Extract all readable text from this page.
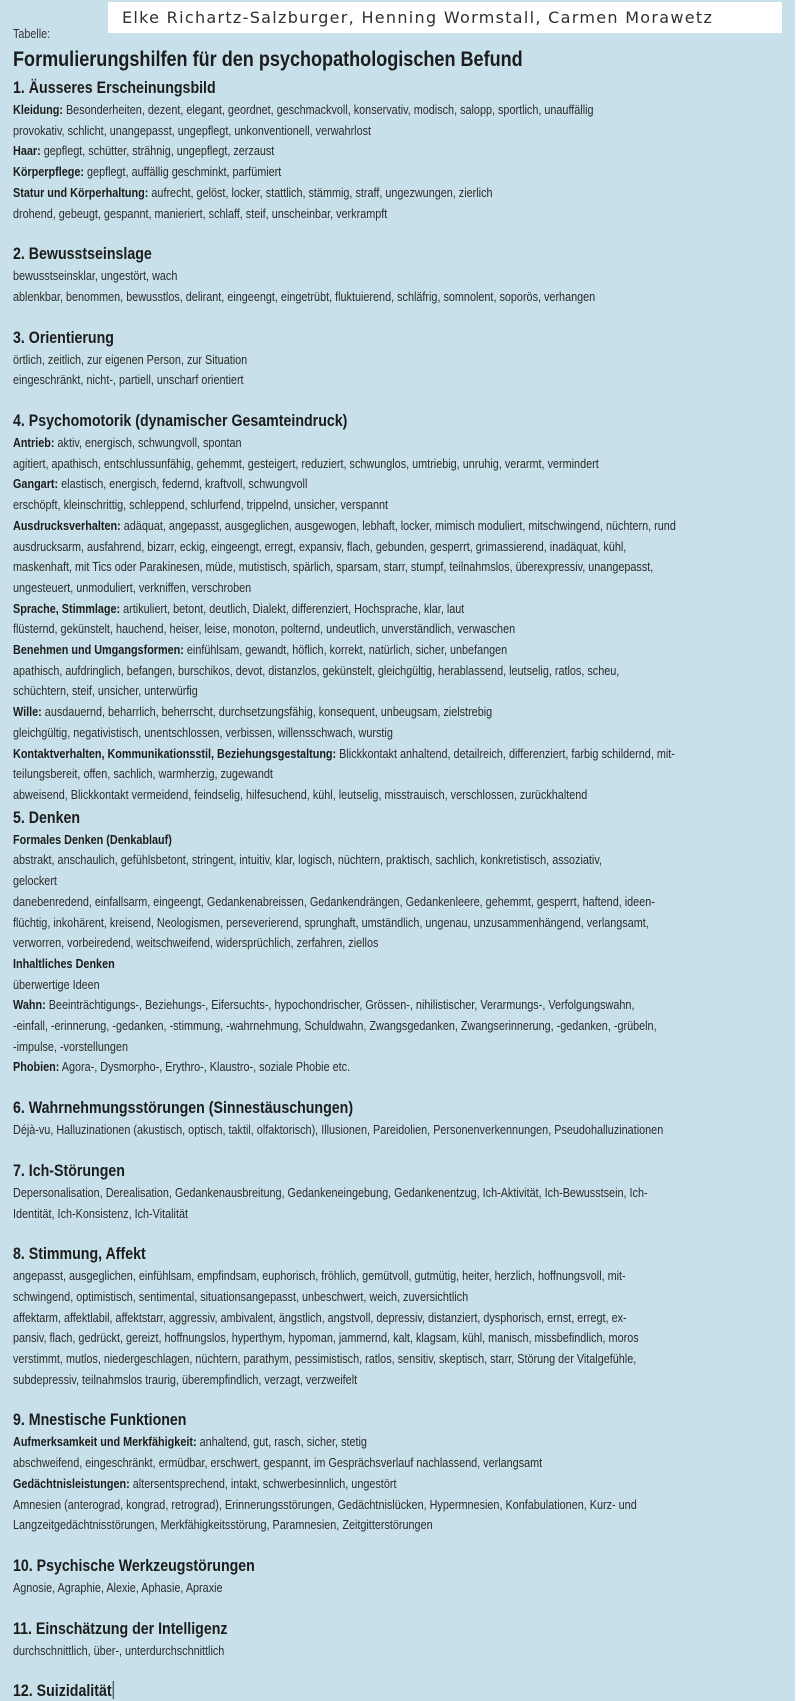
Elke Richartz-Salzburger, Henning Wormstall, Carmen Morawetz
Tabelle:
Formulierungshilfen für den psychopathologischen Befund
1. Äusseres Erscheinungsbild
Kleidung: Besonderheiten, dezent, elegant, geordnet, geschmackvoll, konservativ, modisch, salopp, sportlich, unauffällig
provokativ, schlicht, unangepasst, ungepflegt, unkonventionell, verwahrlost
Haar: gepflegt, schütter, strähnig, ungepflegt, zerzaust
Körperpflege: gepflegt, auffällig geschminkt, parfümiert
Statur und Körperhaltung: aufrecht, gelöst, locker, stattlich, stämmig, straff, ungezwungen, zierlich
drohend, gebeugt, gespannt, manieriert, schlaff, steif, unscheinbar, verkrampft
2. Bewusstseinslage
bewusstseinsklar, ungestört, wach
ablenkbar, benommen, bewusstlos, delirant, eingeengt, eingetrübt, fluktuierend, schläfrig, somnolent, soporös, verhangen
3. Orientierung
örtlich, zeitlich, zur eigenen Person, zur Situation
eingeschränkt, nicht-, partiell, unscharf orientiert
4. Psychomotorik (dynamischer Gesamteindruck)
Antrieb: aktiv, energisch, schwungvoll, spontan
agitiert, apathisch, entschlussunfähig, gehemmt, gesteigert, reduziert, schwunglos, umtriebig, unruhig, verarmt, vermindert
Gangart: elastisch, energisch, federnd, kraftvoll, schwungvoll
erschöpft, kleinschrittig, schleppend, schlurfend, trippelnd, unsicher, verspannt
Ausdrucksverhalten: adäquat, angepasst, ausgeglichen, ausgewogen, lebhaft, locker, mimisch moduliert, mitschwingend, nüchtern, rund
ausdrucksarm, ausfahrend, bizarr, eckig, eingeengt, erregt, expansiv, flach, gebunden, gesperrt, grimassierend, inadäquat, kühl,
maskenhaft, mit Tics oder Parakinesen, müde, mutistisch, spärlich, sparsam, starr, stumpf, teilnahmslos, überexpressiv, unangepasst,
ungesteuert, unmoduliert, verkniffen, verschroben
Sprache, Stimmlage: artikuliert, betont, deutlich, Dialekt, differenziert, Hochsprache, klar, laut
flüsternd, gekünstelt, hauchend, heiser, leise, monoton, polternd, undeutlich, unverständlich, verwaschen
Benehmen und Umgangsformen: einfühlsam, gewandt, höflich, korrekt, natürlich, sicher, unbefangen
apathisch, aufdringlich, befangen, burschikos, devot, distanzlos, gekünstelt, gleichgültig, herablassend, leutselig, ratlos, scheu,
schüchtern, steif, unsicher, unterwürfig
Wille: ausdauernd, beharrlich, beherrscht, durchsetzungsfähig, konsequent, unbeugsam, zielstrebig
gleichgültig, negativistisch, unentschlossen, verbissen, willensschwach, wurstig
Kontaktverhalten, Kommunikationsstil, Beziehungsgestaltung: Blickkontakt anhaltend, detailreich, differenziert, farbig schildernd, mit-
teilungsbereit, offen, sachlich, warmherzig, zugewandt
abweisend, Blickkontakt vermeidend, feindselig, hilfesuchend, kühl, leutselig, misstrauisch, verschlossen, zurückhaltend
5. Denken
Formales Denken (Denkablauf)
abstrakt, anschaulich, gefühlsbetont, stringent, intuitiv, klar, logisch, nüchtern, praktisch, sachlich, konkretistisch, assoziativ,
gelockert
danebenredend, einfallsarm, eingeengt, Gedankenabreissen, Gedankendrängen, Gedankenleere, gehemmt, gesperrt, haftend, ideen-
flüchtig, inkohärent, kreisend, Neologismen, perseverierend, sprunghaft, umständlich, ungenau, unzusammenhängend, verlangsamt,
verworren, vorbeiredend, weitschweifend, widersprüchlich, zerfahren, ziellos
Inhaltliches Denken
überwertige Ideen
Wahn: Beeinträchtigungs-, Beziehungs-, Eifersuchts-, hypochondrischer, Grössen-, nihilistischer, Verarmungs-, Verfolgungswahn,
-einfall, -erinnerung, -gedanken, -stimmung, -wahrnehmung, Schuldwahn, Zwangsgedanken, Zwangserinnerung, -gedanken, -grübeln,
-impulse, -vorstellungen
Phobien: Agora-, Dysmorpho-, Erythro-, Klaustro-, soziale Phobie etc.
6. Wahrnehmungsstörungen (Sinnestäuschungen)
Déjà-vu, Halluzinationen (akustisch, optisch, taktil, olfaktorisch), Illusionen, Pareidolien, Personenverkennungen, Pseudohalluzinationen
7. Ich-Störungen
Depersonalisation, Derealisation, Gedankenausbreitung, Gedankeneingebung, Gedankenentzug, Ich-Aktivität, Ich-Bewusstsein, Ich-
Identität, Ich-Konsistenz, Ich-Vitalität
8. Stimmung, Affekt
angepasst, ausgeglichen, einfühlsam, empfindsam, euphorisch, fröhlich, gemütvoll, gutmütig, heiter, herzlich, hoffnungsvoll, mit-
schwingend, optimistisch, sentimental, situationsangepasst, unbeschwert, weich, zuversichtlich
affektarm, affektlabil, affektstarr, aggressiv, ambivalent, ängstlich, angstvoll, depressiv, distanziert, dysphorisch, ernst, erregt, ex-
pansiv, flach, gedrückt, gereizt, hoffnungslos, hyperthym, hypoman, jammernd, kalt, klagsam, kühl, manisch, missbefindlich, moros
verstimmt, mutlos, niedergeschlagen, nüchtern, parathym, pessimistisch, ratlos, sensitiv, skeptisch, starr, Störung der Vitalgefühle,
subdepressiv, teilnahmslos traurig, überempfindlich, verzagt, verzweifelt
9. Mnestische Funktionen
Aufmerksamkeit und Merkfähigkeit: anhaltend, gut, rasch, sicher, stetig
abschweifend, eingeschränkt, ermüdbar, erschwert, gespannt, im Gesprächsverlauf nachlassend, verlangsamt
Gedächtnisleistungen: altersentsprechend, intakt, schwerbesinnlich, ungestört
Amnesien (anterograd, kongrad, retrograd), Erinnerungsstörungen, Gedächtnislücken, Hypermnesien, Konfabulationen, Kurz- und
Langzeitgedächtnisstörungen, Merkfähigkeitsstörung, Paramnesien, Zeitgitterstörungen
10. Psychische Werkzeugstörungen
Agnosie, Agraphie, Alexie, Aphasie, Apraxie
11. Einschätzung der Intelligenz
durchschnittlich, über-, unterdurchschnittlich
12. Suizidalität
